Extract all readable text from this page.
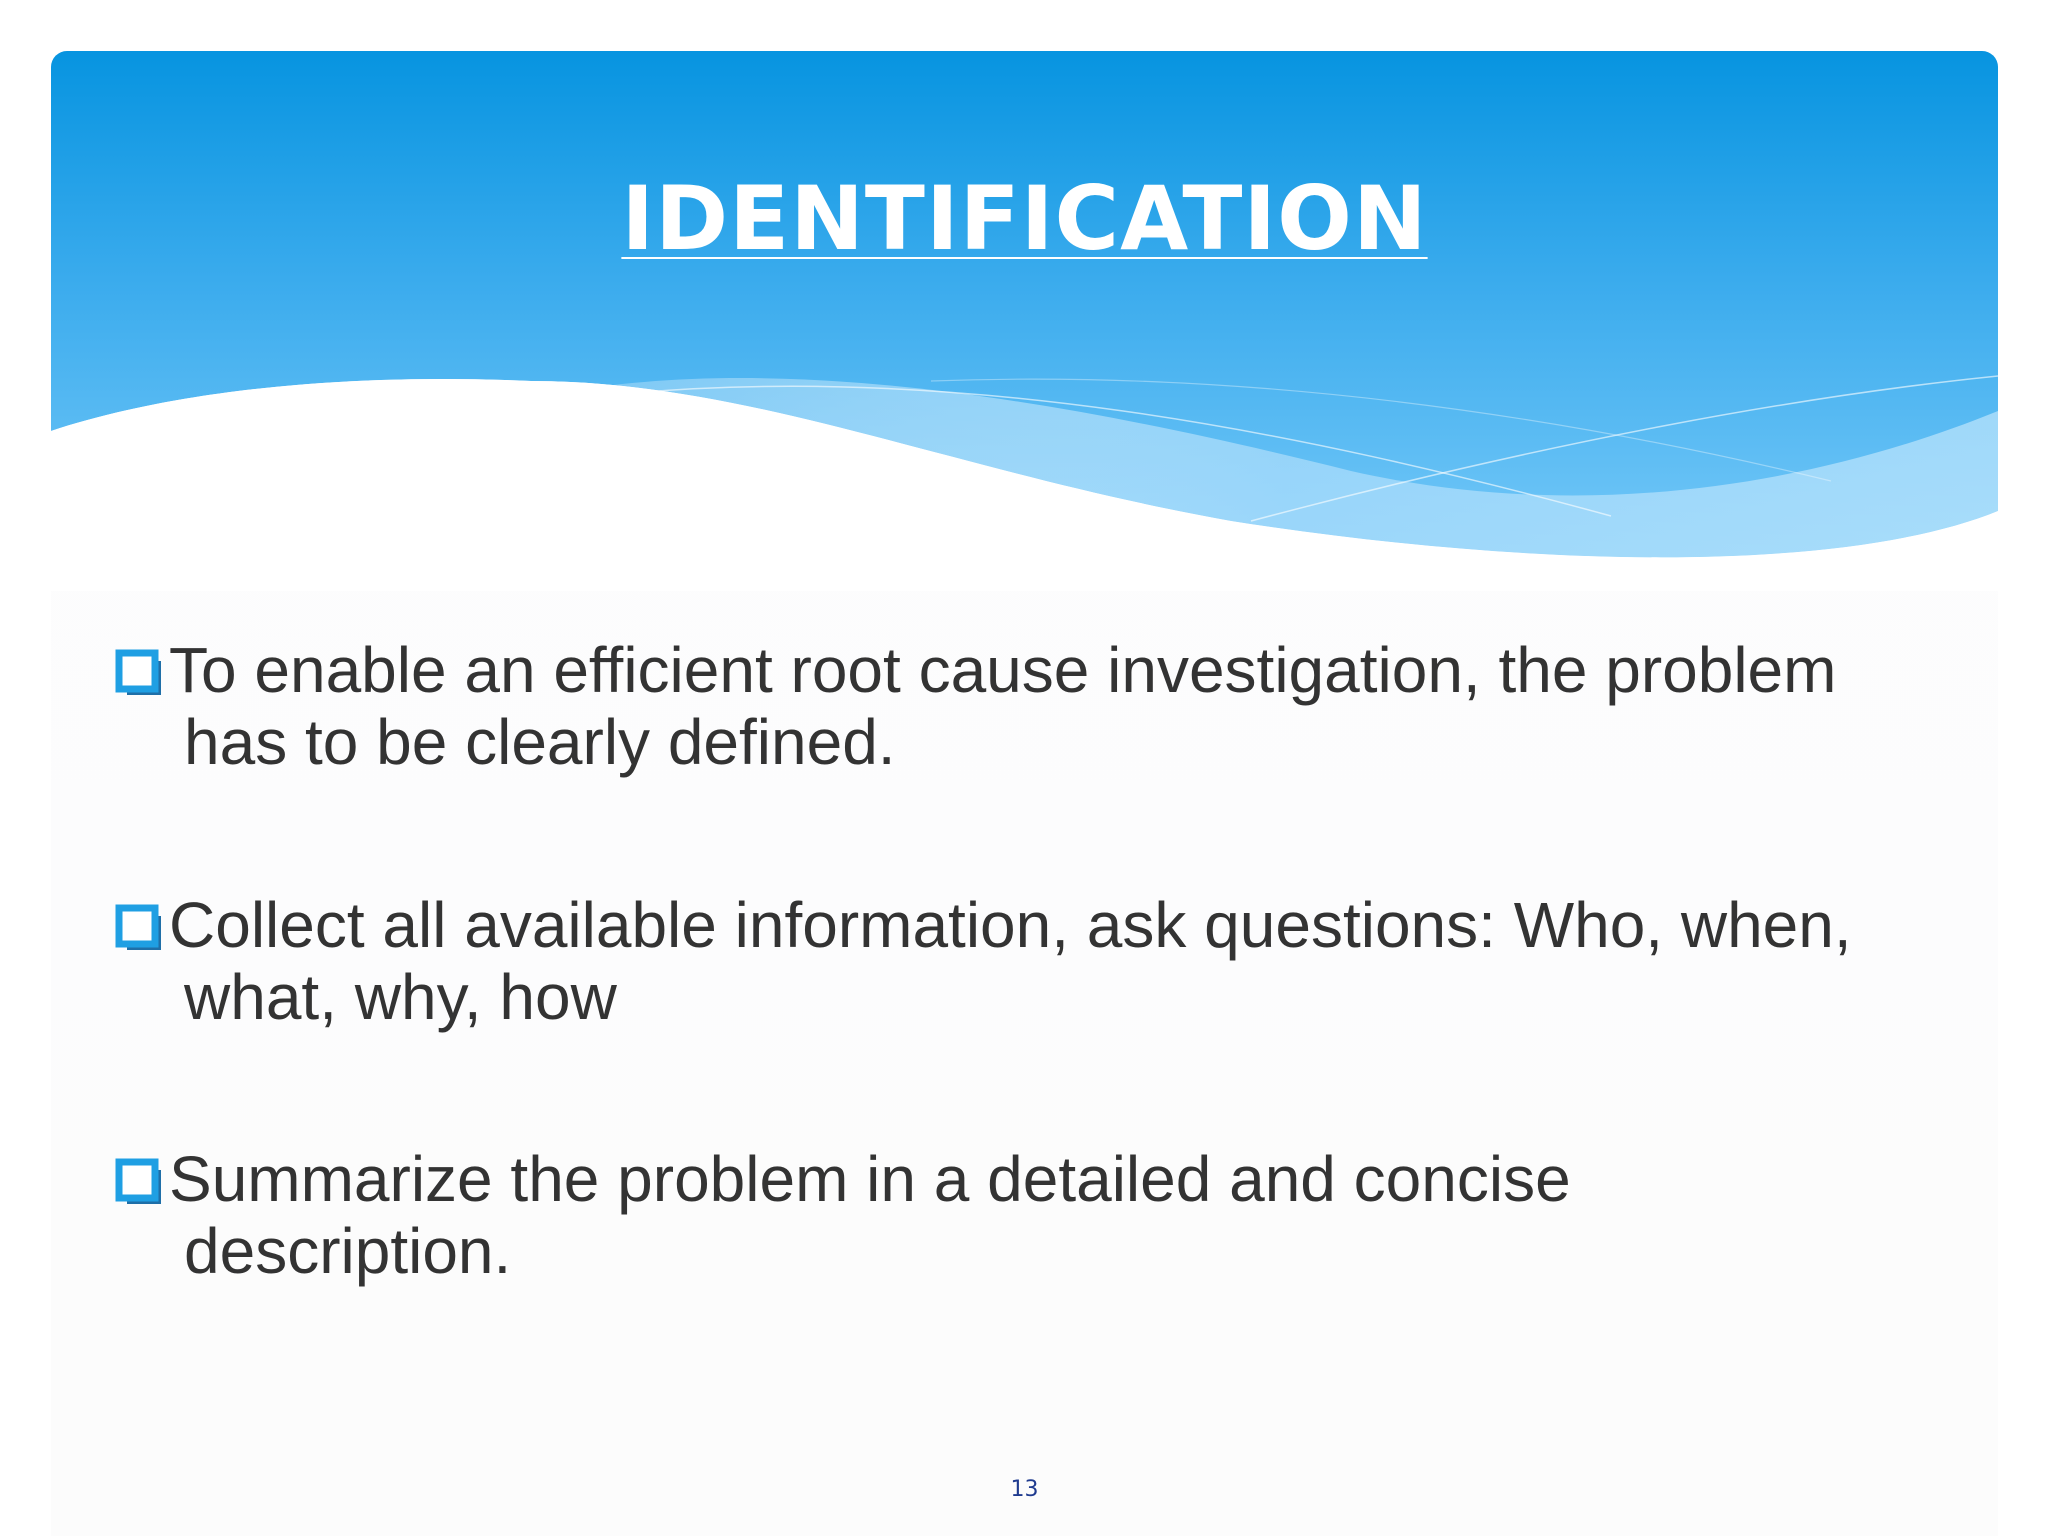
IDENTIFICATION
To enable an efficient root cause investigation, the problem has to be clearly defined.
Collect all available information, ask questions: Who, when, what, why, how
Summarize the problem in a detailed and concise description.

13
